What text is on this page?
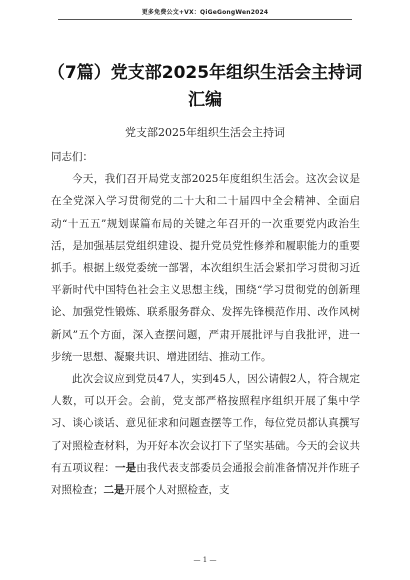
更多免费公文+VX：QiGeGongWen2024
（7篇）党支部2025年组织生活会主持词汇编
党支部2025年组织生活会主持词

同志们：

今天，我们召开局党支部2025年度组织生活会。这次会议是在全党深入学习贯彻党的二十大和二十届四中全会精神、全面启动“十五五”规划谋篇布局的关键之年召开的一次重要党内政治生活，是加强基层党组织建设、提升党员党性修养和履职能力的重要抓手。根据上级党委统一部署，本次组织生活会紧扣学习贯彻习近平新时代中国特色社会主义思想主线，围绕“学习贯彻党的创新理论、加强党性锻炼、联系服务群众、发挥先锋模范作用、改作风树新风”五个方面，深入查摆问题，严肃开展批评与自我批评，进一步统一思想、凝聚共识、增进团结、推动工作。

此次会议应到党员47人，实到45人，因公请假2人，符合规定人数，可以开会。会前，党支部严格按照程序组织开展了集中学习、谈心谈话、意见征求和问题查摆等工作，每位党员都认真撰写了对照检查材料，为开好本次会议打下了坚实基础。今天的会议共有五项议程：一是由我代表支部委员会通报会前准备情况并作班子对照检查；二是开展个人对照检查，支

— 1 —
